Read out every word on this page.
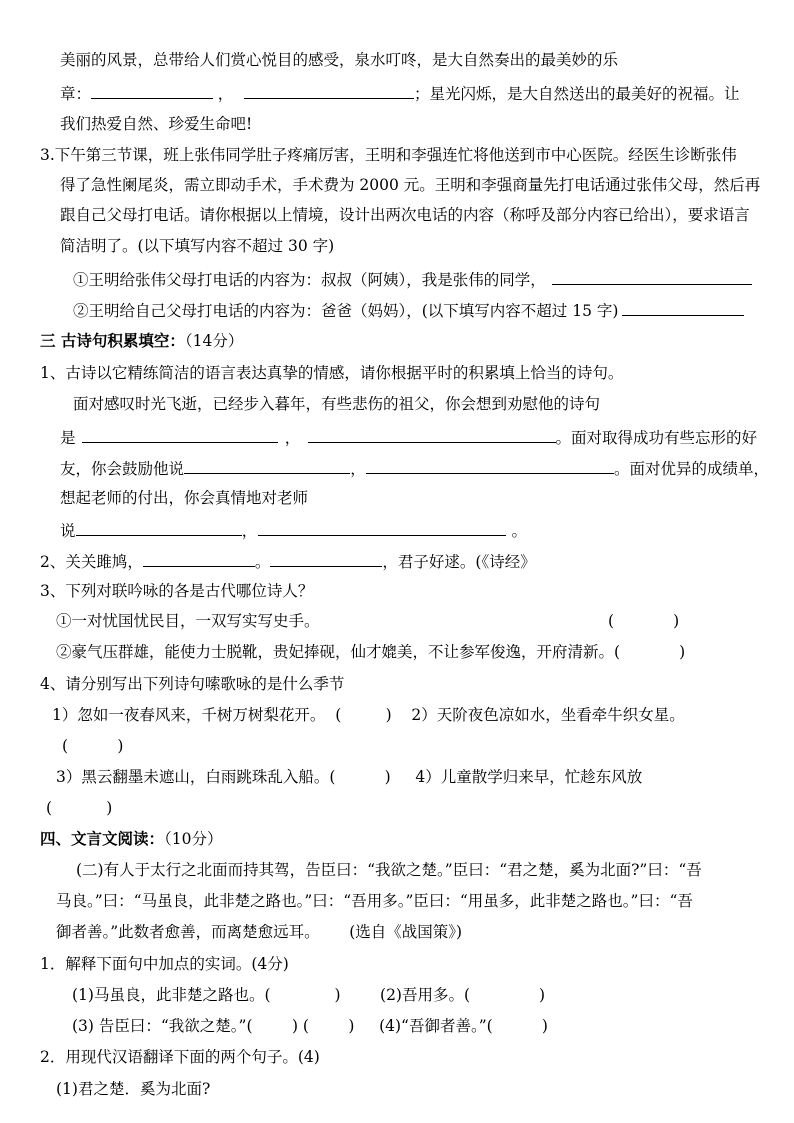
美丽的风景，总带给人们赏心悦目的感受，泉水叮咚，是大自然奏出的最美妙的乐
章：	，	；星光闪烁，是大自然送出的最美好的祝福。让
我们热爱自然、珍爱生命吧!
3.下午第三节课，班上张伟同学肚子疼痛厉害，王明和李强连忙将他送到市中心医院。经医生诊断张伟
得了急性阑尾炎，需立即动手术，手术费为 2000 元。王明和李强商量先打电话通过张伟父母，然后再
跟自己父母打电话。请你根据以上情境，设计出两次电话的内容（称呼及部分内容已给出），要求语言
简洁明了。(以下填写内容不超过 30 字)
①王明给张伟父母打电话的内容为：叔叔（阿姨），我是张伟的同学，
②王明给自己父母打电话的内容为：爸爸（妈妈），(以下填写内容不超过 15 字)
三 古诗句积累填空：（14分）
1、古诗以它精练简洁的语言表达真挚的情感，请你根据平时的积累填上恰当的诗句。
面对感叹时光飞逝，已经步入暮年，有些悲伤的祖父，你会想到劝慰他的诗句
是	，	。面对取得成功有些忘形的好
友，你会鼓励他说	，	。面对优异的成绩单，
想起老师的付出，你会真情地对老师
说	，	。
2、关关雎鸠，	。	，君子好逑。(《诗经》
3、下列对联吟咏的各是古代哪位诗人？
①一对忧国忧民目，一双写实写史手。	(            )
②豪气压群雄，能使力士脱靴，贵妃捧砚，仙才媲美，不让参军俊逸，开府清新。(            )
4、请分别写出下列诗句嗦歌咏的是什么季节
1）忽如一夜春风来，千树万树梨花开。  (         )    2）天阶夜色凉如水，坐看牵牛织女星。
(          )
3）黑云翻墨未遮山，白雨跳珠乱入船。(          )     4）儿童散学归来早，忙趁东风放
(           )
四、文言文阅读：（10分）
(二)有人于太行之北面而持其驾，告臣曰：“我欲之楚。”臣曰：“君之楚，奚为北面?”曰：“吾
马良。”曰：“马虽良，此非楚之路也。”曰：“吾用多。”臣曰：“用虽多，此非楚之路也。”曰：“吾
御者善。”此数者愈善，而离楚愈远耳。      (选自《战国策》)
1．解释下面句中加点的实词。(4分)
(1)马虽良，此非楚之路也。(             )        (2)吾用多。(              )
(3) 告臣曰：“我欲之楚。”(        ) (        )     (4)“吾御者善。”(          )
2．用现代汉语翻译下面的两个句子。(4)
(1)君之楚．奚为北面?
